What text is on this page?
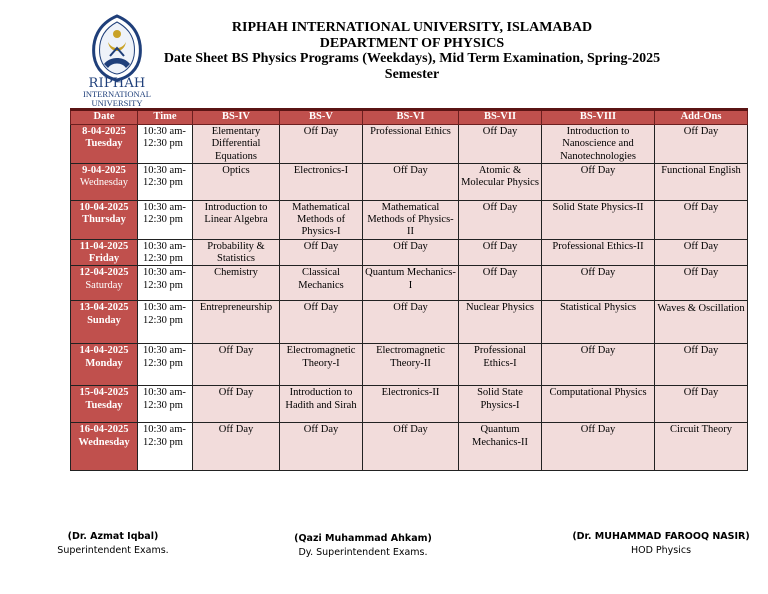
RIPHAH
INTERNATIONAL UNIVERSITY
RIPHAH INTERNATIONAL UNIVERSITY, ISLAMABAD
DEPARTMENT OF PHYSICS
Date Sheet BS Physics Programs (Weekdays), Mid Term Examination, Spring-2025
Semester
Date	Time	BS-IV	BS-V	BS-VI	BS-VII	BS-VIII	Add-Ons

8-04-2025
Tuesday	10:30 am-12:30 pm	Elementary Differential Equations	Off Day	Professional Ethics	Off Day	Introduction to Nanoscience and Nanotechnologies	Off Day

9-04-2025
Wednesday	10:30 am-12:30 pm	Optics	Electronics-I	Off Day	Atomic & Molecular Physics	Off Day	Functional English

10-04-2025
Thursday	10:30 am-12:30 pm	Introduction to Linear Algebra	Mathematical Methods of Physics-I	Mathematical Methods of Physics-II	Off Day	Solid State Physics-II	Off Day

11-04-2025
Friday	10:30 am-12:30 pm	Probability & Statistics	Off Day	Off Day	Off Day	Professional Ethics-II	Off Day

12-04-2025
Saturday	10:30 am-12:30 pm	Chemistry	Classical Mechanics	Quantum Mechanics-I	Off Day	Off Day	Off Day

13-04-2025
Sunday	10:30 am-12:30 pm	Entrepreneurship	Off Day	Off Day	Nuclear Physics	Statistical Physics	Waves & Oscillation

14-04-2025
Monday	10:30 am-12:30 pm	Off Day	Electromagnetic Theory-I	Electromagnetic Theory-II	Professional Ethics-I	Off Day	Off Day

15-04-2025
Tuesday	10:30 am-12:30 pm	Off Day	Introduction to Hadith and Sirah	Electronics-II	Solid State Physics-I	Computational Physics	Off Day

16-04-2025
Wednesday	10:30 am-12:30 pm	Off Day	Off Day	Off Day	Quantum Mechanics-II	Off Day	Circuit Theory
(Dr. Azmat Iqbal)
Superintendent Exams.
(Qazi Muhammad Ahkam)
Dy. Superintendent Exams.
(Dr. MUHAMMAD FAROOQ NASIR)
HOD Physics
